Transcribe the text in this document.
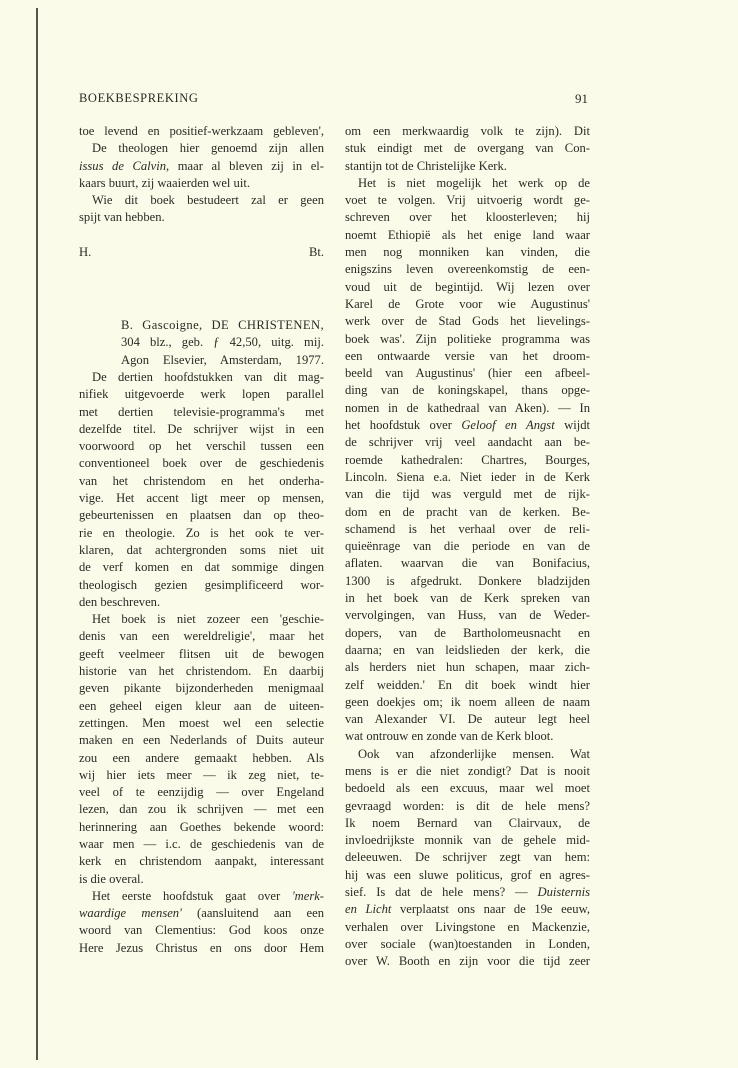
BOEKBESPREKING	91
toe levend en positief-werkzaam gebleven',
De theologen hier genoemd zijn allen
issus de Calvin, maar al bleven zij in el-
kaars buurt, zij waaierden wel uit.
Wie dit boek bestudeert zal er geen
spijt van hebben.
H.	Bt.
B. Gascoigne, DE CHRISTENEN,
304 blz., geb. ƒ 42,50, uitg. mij.
Agon Elsevier, Amsterdam, 1977.
De dertien hoofdstukken van dit mag-
nifiek uitgevoerde werk lopen parallel
met dertien televisie-programma's met
dezelfde titel. De schrijver wijst in een
voorwoord op het verschil tussen een
conventioneel boek over de geschiedenis
van het christendom en het onderha-
vige. Het accent ligt meer op mensen,
gebeurtenissen en plaatsen dan op theo-
rie en theologie. Zo is het ook te ver-
klaren, dat achtergronden soms niet uit
de verf komen en dat sommige dingen
theologisch gezien gesimplificeerd wor-
den beschreven.
Het boek is niet zozeer een 'geschie-
denis van een wereldreligie', maar het
geeft veelmeer flitsen uit de bewogen
historie van het christendom. En daarbij
geven pikante bijzonderheden menigmaal
een geheel eigen kleur aan de uiteen-
zettingen. Men moest wel een selectie
maken en een Nederlands of Duits auteur
zou een andere gemaakt hebben. Als
wij hier iets meer — ik zeg niet, te-
veel of te eenzijdig — over Engeland
lezen, dan zou ik schrijven — met een
herinnering aan Goethes bekende woord:
waar men — i.c. de geschiedenis van de
kerk en christendom aanpakt, interessant
is die overal.
Het eerste hoofdstuk gaat over 'merk-
waardige mensen' (aansluitend aan een
woord van Clementius: God koos onze
Here Jezus Christus en ons door Hem
om een merkwaardig volk te zijn). Dit
stuk eindigt met de overgang van Con-
stantijn tot de Christelijke Kerk.
Het is niet mogelijk het werk op de
voet te volgen. Vrij uitvoerig wordt ge-
schreven over het kloosterleven; hij
noemt Ethiopië als het enige land waar
men nog monniken kan vinden, die
enigszins leven overeenkomstig de een-
voud uit de begintijd. Wij lezen over
Karel de Grote voor wie Augustinus'
werk over de Stad Gods het lievelings-
boek was'. Zijn politieke programma was
een ontwaarde versie van het droom-
beeld van Augustinus' (hier een afbeel-
ding van de koningskapel, thans opge-
nomen in de kathedraal van Aken). — In
het hoofdstuk over Geloof en Angst wijdt
de schrijver vrij veel aandacht aan be-
roemde kathedralen: Chartres, Bourges,
Lincoln. Siena e.a. Niet ieder in de Kerk
van die tijd was verguld met de rijk-
dom en de pracht van de kerken. Be-
schamend is het verhaal over de reli-
quieënrage van die periode en van de
aflaten. waarvan die van Bonifacius,
1300 is afgedrukt. Donkere bladzijden
in het boek van de Kerk spreken van
vervolgingen, van Huss, van de Weder-
dopers, van de Bartholomeusnacht en
daarna; en van leidslieden der kerk, die
als herders niet hun schapen, maar zich-
zelf weidden.' En dit boek windt hier
geen doekjes om; ik noem alleen de naam
van Alexander VI. De auteur legt heel
wat ontrouw en zonde van de Kerk bloot.
Ook van afzonderlijke mensen. Wat
mens is er die niet zondigt? Dat is nooit
bedoeld als een excuus, maar wel moet
gevraagd worden: is dit de hele mens?
Ik noem Bernard van Clairvaux, de
invloedrijkste monnik van de gehele mid-
deleeuwen. De schrijver zegt van hem:
hij was een sluwe politicus, grof en agres-
sief. Is dat de hele mens? — Duisternis
en Licht verplaatst ons naar de 19e eeuw,
verhalen over Livingstone en Mackenzie,
over sociale (wan)toestanden in Londen,
over W. Booth en zijn voor die tijd zeer
